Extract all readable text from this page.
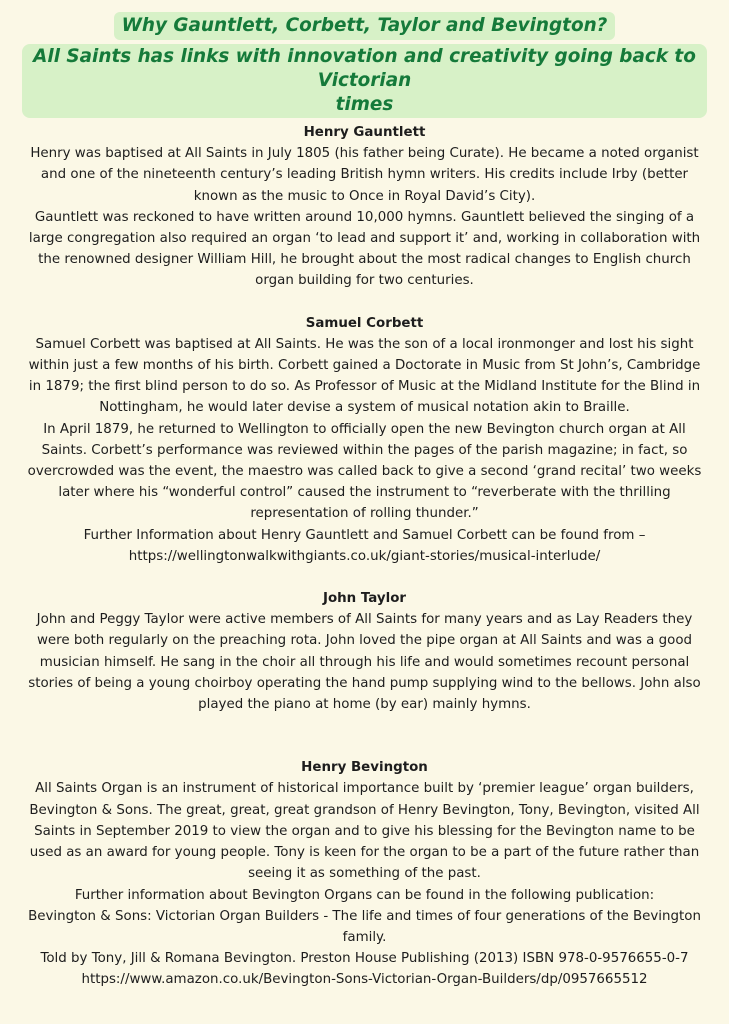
Why Gauntlett, Corbett, Taylor and Bevington?
All Saints has links with innovation and creativity going back to Victorian
times
Henry Gauntlett

Henry was baptised at All Saints in July 1805 (his father being Curate). He became a noted organist and one of the nineteenth century’s leading British hymn writers. His credits include Irby (better known as the music to Once in Royal David’s City).

Gauntlett was reckoned to have written around 10,000 hymns. Gauntlett believed the singing of a large congregation also required an organ ‘to lead and support it’ and, working in collaboration with the renowned designer William Hill, he brought about the most radical changes to English church organ building for two centuries.

Samuel Corbett

Samuel Corbett was baptised at All Saints. He was the son of a local ironmonger and lost his sight within just a few months of his birth. Corbett gained a Doctorate in Music from St John’s, Cambridge in 1879; the first blind person to do so. As Professor of Music at the Midland Institute for the Blind in Nottingham, he would later devise a system of musical notation akin to Braille.

In April 1879, he returned to Wellington to officially open the new Bevington church organ at All Saints. Corbett’s performance was reviewed within the pages of the parish magazine; in fact, so overcrowded was the event, the maestro was called back to give a second ‘grand recital’ two weeks later where his “wonderful control” caused the instrument to “reverberate with the thrilling representation of rolling thunder.”

Further Information about Henry Gauntlett and Samuel Corbett can be found from –

https://wellingtonwalkwithgiants.co.uk/giant-stories/musical-interlude/

John Taylor

John and Peggy Taylor were active members of All Saints for many years and as Lay Readers they were both regularly on the preaching rota. John loved the pipe organ at All Saints and was a good musician himself. He sang in the choir all through his life and would sometimes recount personal stories of being a young choirboy operating the hand pump supplying wind to the bellows. John also played the piano at home (by ear) mainly hymns.

Henry Bevington

All Saints Organ is an instrument of historical importance built by ‘premier league’ organ builders, Bevington & Sons. The great, great, great grandson of Henry Bevington, Tony, Bevington, visited All Saints in September 2019 to view the organ and to give his blessing for the Bevington name to be used as an award for young people. Tony is keen for the organ to be a part of the future rather than seeing it as something of the past.

Further information about Bevington Organs can be found in the following publication:

Bevington & Sons: Victorian Organ Builders - The life and times of four generations of the Bevington family.

Told by Tony, Jill & Romana Bevington. Preston House Publishing (2013) ISBN 978-0-9576655-0-7

https://www.amazon.co.uk/Bevington-Sons-Victorian-Organ-Builders/dp/0957665512
